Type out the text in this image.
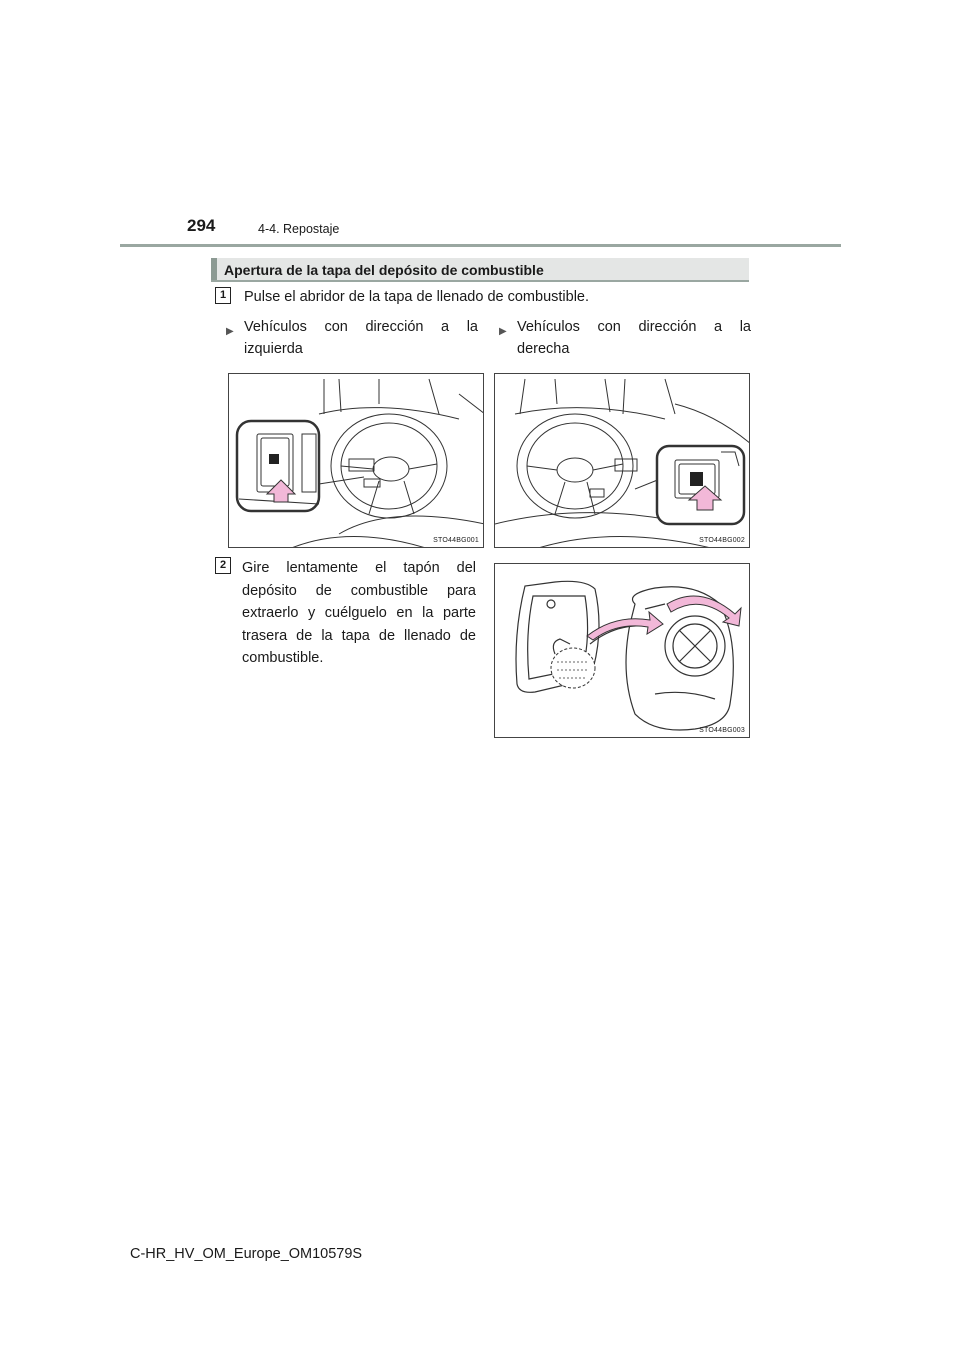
294	4-4. Repostaje
Apertura de la tapa del depósito de combustible
1	Pulse el abridor de la tapa de llenado de combustible.
▶ Vehículos con dirección a la izquierda
▶ Vehículos con dirección a la derecha
STO44BG001	STO44BG002
2	Gire lentamente el tapón del depósito de combustible para extraerlo y cuélguelo en la parte trasera de la tapa de llenado de combustible.
STO44BG003
C-HR_HV_OM_Europe_OM10579S
